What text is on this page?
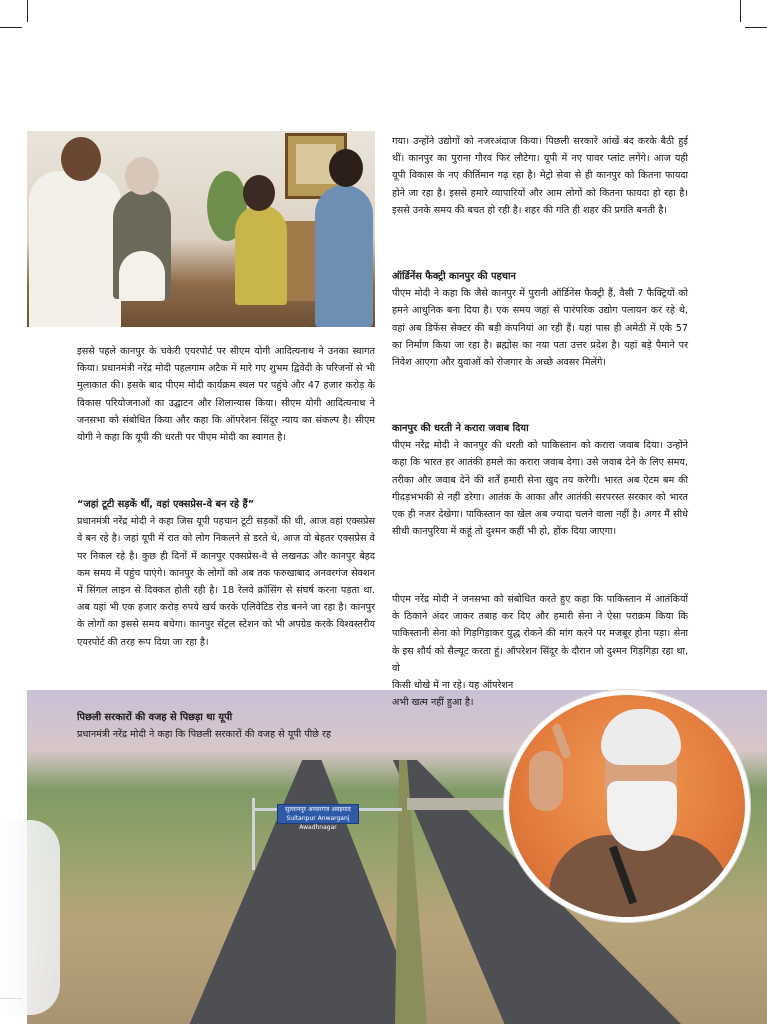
सुल्तानपुर अनवरगंज अवहमाद
Sultanpur Anwarganj Awadhnagar

इससे पहले कानपुर के चकेरी एयरपोर्ट पर सीएम योगी आदित्यनाथ ने उनका स्वागत किया। प्रधानमंत्री नरेंद्र मोदी पहलगाम अटैक में मारे गए शुभम द्विवेदी के परिजनों से भी मुलाकात की। इसके बाद पीएम मोदी कार्यक्रम स्थल पर पहुंचे और 47 हजार करोड़ के विकास परियोजनाओं का उद्घाटन और शिलान्यास किया। सीएम योगी आदित्यनाथ ने जनसभा को संबोधित किया और कहा कि ऑपरेशन सिंदूर न्याय का संकल्प है। सीएम योगी ने कहा कि यूपी की धरती पर पीएम मोदी का स्वागत है।

“जहां टूटी सड़कें थीं, वहां एक्सप्रेस-वे बन रहे हैं”

प्रधानमंत्री नरेंद्र मोदी ने कहा जिस यूपी पहचान टूटी सड़कों की थी, आज वहां एक्सप्रेस वे बन रहे है। जहां यूपी में रात को लोग निकलने से डरते थे, आज वो बेहतर एक्सप्रेस वे पर निकल रहे है। कुछ ही दिनों में कानपुर एक्सप्रेस-वे से लखनऊ और कानपुर बेहद कम समय में पहुंच पाएंगे। कानपुर के लोगों को अब तक फरुखाबाद अनवरगंज सेक्शन में सिंगल लाइन से दिक्कत होती रही है। 18 रेलवे क्रॉसिंग से संघर्ष करना पड़ता था. अब यहां भी एक हजार करोड़ रुपये खर्च करके एलिवेटिड रोड बनने जा रहा है। कानपुर के लोगों का इससे समय बचेगा। कानपुर सेंट्रल स्टेशन को भी अपग्रेड करके विश्वस्तरीय एयरपोर्ट की तरह रूप दिया जा रहा है।

पिछली सरकारों की वजह से पिछड़ा था यूपी

प्रधानमंत्री नरेंद्र मोदी ने कहा कि पिछली सरकारों की वजह से यूपी पीछे रह

गया। उन्होंने उद्योगों को नजरअंदाज किया। पिछली सरकारें आंखें बंद करके बैठी हुई थीं। कानपुर का पुराना गौरव फिर लौटेगा। यूपी में नए पावर प्लांट लगेंगे। आज यही यूपी विकास के नए कीर्तिमान गढ़ रहा है। मेट्रो सेवा से ही कानपुर को कितना फायदा होने जा रहा है। इससे हमारे व्यापारियों और आम लोगों को कितना फायदा हो रहा है। इससे उनके समय की बचत हो रही है। शहर की गति ही शहर की प्रगति बनती है।

ऑर्डिनेंस फैक्ट्री कानपुर की पहचान

पीएम मोदी ने कहा कि जैसे कानपुर में पुरानी ऑर्डिनेंस फैक्ट्री हैं, वैसी 7 फैक्ट्रियों को हमने आधुनिक बना दिया है। एक समय जहां से पारंपरिक उद्योग पलायन कर रहे थे, वहां अब डिफेंस सेक्टर की बड़ी कंपनियां आ रही हैं। यहां पास ही अमेठी में एके 57 का निर्माण किया जा रहा है। ब्रह्मोस का नया पता उत्तर प्रदेश है। यहां बड़े पैमाने पर निवेश आएगा और युवाओं को रोजगार के अच्छे अवसर मिलेंगे।

कानपुर की धरती ने करारा जवाब दिया

पीएम नरेंद्र मोदी ने कानपुर की धरती को पाकिस्तान को करारा जवाब दिया। उन्होंने कहा कि भारत हर आतंकी हमले का करारा जवाब देगा। उसे जवाब देने के लिए समय, तरीका और जवाब देने की शर्तें हमारी सेना खुद तय करेगी। भारत अब ऐटम बम की गीदड़भभकी से नहीं डरेगा। आतंक के आका और आतंकी सरपरस्त सरकार को भारत एक ही नजर देखेगा। पाकिस्तान का खेल अब ज्यादा चलने वाला नहीं है। अगर मैं सीधे सीधी कानपुरिया में कहूं तो दुश्मन कहीं भी हो, होंक दिया जाएगा।

पीएम नरेंद्र मोदी ने जनसभा को संबोधित करते हुए कहा कि पाकिस्तान में आतंकियों के ठिकाने अंदर जाकर तबाह कर दिए और हमारी सेना ने ऐसा पराक्रम किया कि पाकिस्तानी सेना को गिड़गिड़ाकर युद्ध रोकने की मांग करने पर मजबूर होना पड़ा। सेना के इस शौर्य को सैल्यूट करता हूं। ऑपरेशन सिंदूर के दौरान जो दुश्मन गिड़गिड़ा रहा था, वो

किसी धोखे में ना रहे। यह ऑपरेशन

अभी खत्म नहीं हुआ है।
